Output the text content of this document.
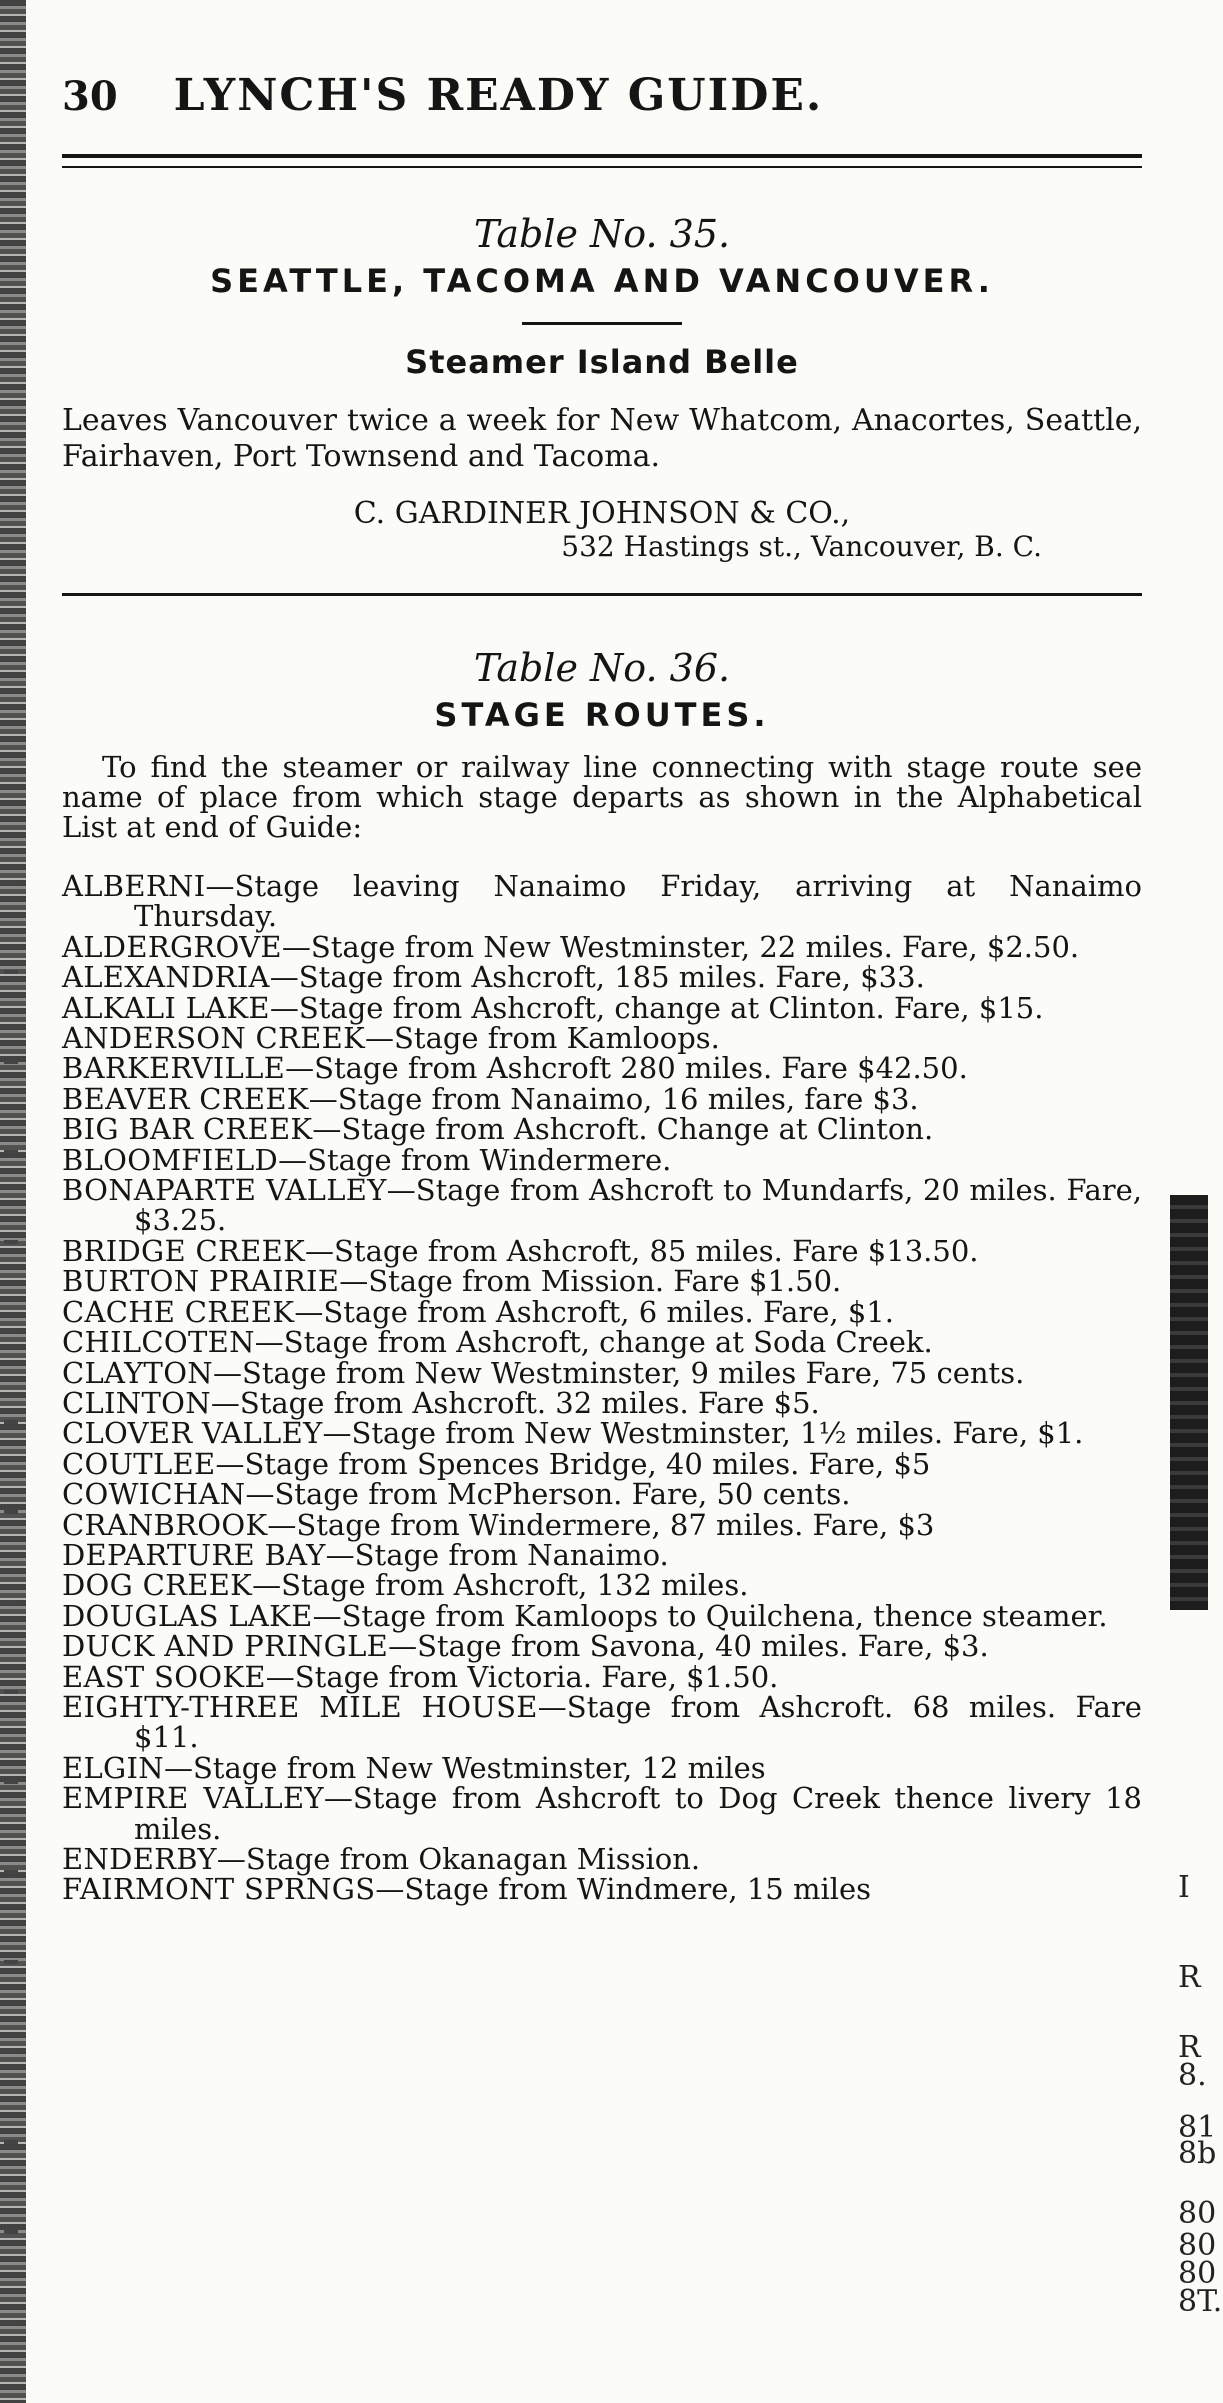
30 LYNCH'S READY GUIDE.
Table No. 35.
SEATTLE, TACOMA AND VANCOUVER.
Steamer Island Belle

Leaves Vancouver twice a week for New Whatcom, Anacortes, Seattle, Fairhaven, Port Townsend and Tacoma.

C. GARDINER JOHNSON & CO.,
532 Hastings st., Vancouver, B. C.
Table No. 36.
STAGE ROUTES.

To find the steamer or railway line connecting with stage route see name of place from which stage departs as shown in the Alphabetical List at end of Guide:

ALBERNI—Stage leaving Nanaimo Friday, arriving at Nanaimo Thursday.
ALDERGROVE—Stage from New Westminster, 22 miles. Fare, $2.50.
ALEXANDRIA—Stage from Ashcroft, 185 miles. Fare, $33.
ALKALI LAKE—Stage from Ashcroft, change at Clinton. Fare, $15.
ANDERSON CREEK—Stage from Kamloops.
BARKERVILLE—Stage from Ashcroft 280 miles. Fare $42.50.
BEAVER CREEK—Stage from Nanaimo, 16 miles, fare $3.
BIG BAR CREEK—Stage from Ashcroft. Change at Clinton.
BLOOMFIELD—Stage from Windermere.
BONAPARTE VALLEY—Stage from Ashcroft to Mundarfs, 20 miles. Fare, $3.25.
BRIDGE CREEK—Stage from Ashcroft, 85 miles. Fare $13.50.
BURTON PRAIRIE—Stage from Mission. Fare $1.50.
CACHE CREEK—Stage from Ashcroft, 6 miles. Fare, $1.
CHILCOTEN—Stage from Ashcroft, change at Soda Creek.
CLAYTON—Stage from New Westminster, 9 miles Fare, 75 cents.
CLINTON—Stage from Ashcroft. 32 miles. Fare $5.
CLOVER VALLEY—Stage from New Westminster, 1½ miles. Fare, $1.
COUTLEE—Stage from Spences Bridge, 40 miles. Fare, $5
COWICHAN—Stage from McPherson. Fare, 50 cents.
CRANBROOK—Stage from Windermere, 87 miles. Fare, $3
DEPARTURE BAY—Stage from Nanaimo.
DOG CREEK—Stage from Ashcroft, 132 miles.
DOUGLAS LAKE—Stage from Kamloops to Quilchena, thence steamer.
DUCK AND PRINGLE—Stage from Savona, 40 miles. Fare, $3.
EAST SOOKE—Stage from Victoria. Fare, $1.50.
EIGHTY-THREE MILE HOUSE—Stage from Ashcroft. 68 miles. Fare $11.
ELGIN—Stage from New Westminster, 12 miles
EMPIRE VALLEY—Stage from Ashcroft to Dog Creek thence livery 18 miles.
ENDERBY—Stage from Okanagan Mission.
FAIRMONT SPRNGS—Stage from Windmere, 15 miles	I
R
R
8.
81
8b
80
80
80
8T.
